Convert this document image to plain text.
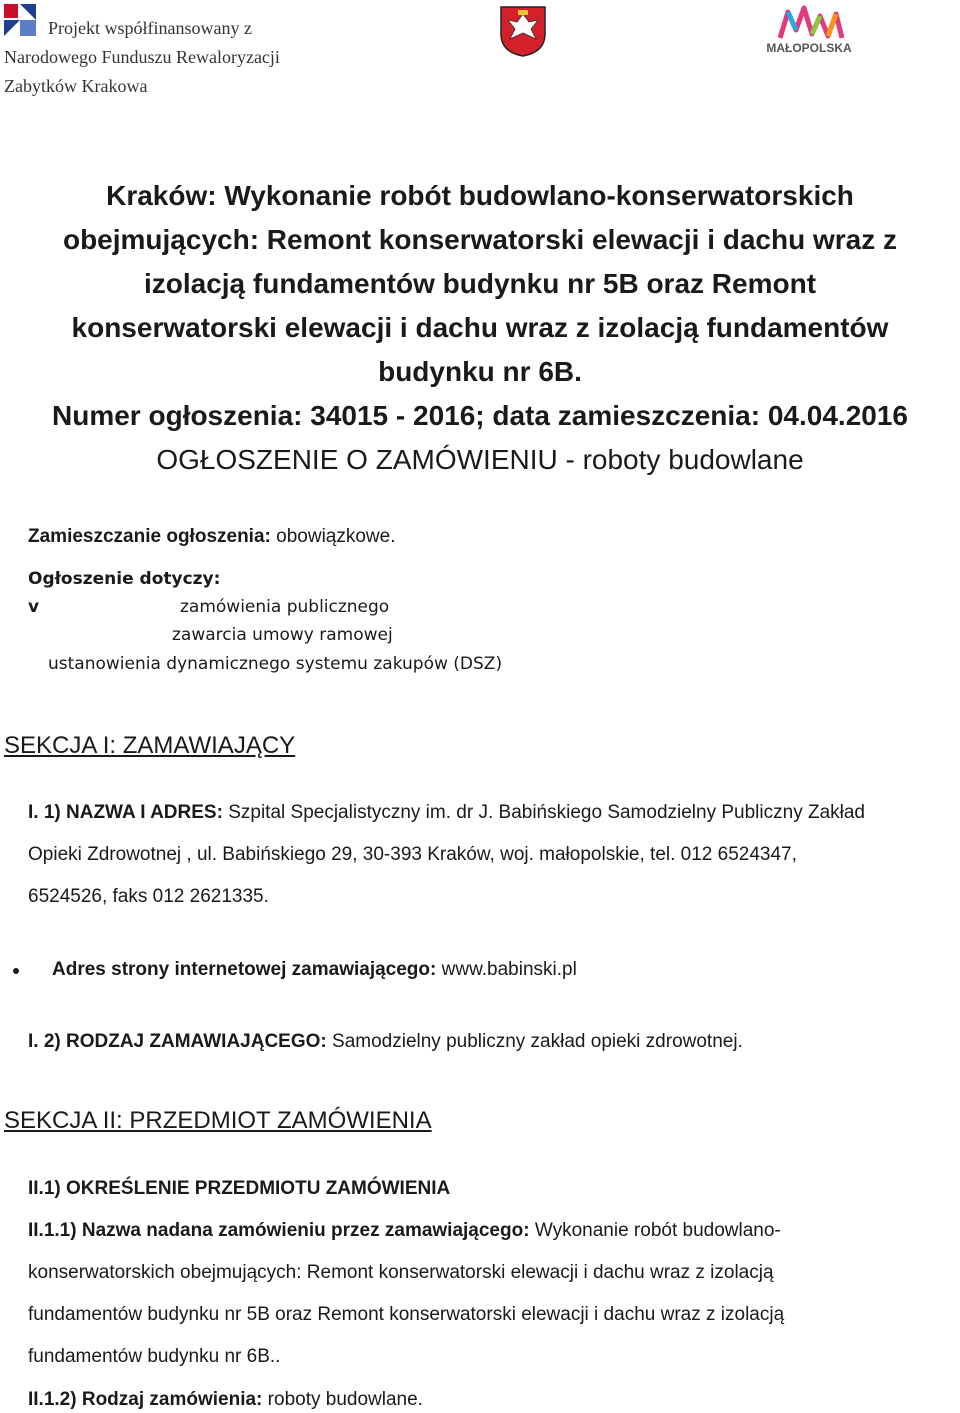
Projekt współfinansowany z
Narodowego Funduszu Rewaloryzacji
Zabytków Krakowa
MAŁOPOLSKA
Kraków: Wykonanie robót budowlano-konserwatorskich
obejmujących: Remont konserwatorski elewacji i dachu wraz z
izolacją fundamentów budynku nr 5B oraz Remont
konserwatorski elewacji i dachu wraz z izolacją fundamentów
budynku nr 6B.
Numer ogłoszenia: 34015 - 2016; data zamieszczenia: 04.04.2016
OGŁOSZENIE O ZAMÓWIENIU - roboty budowlane
Zamieszczanie ogłoszenia: obowiązkowe.
Ogłoszenie dotyczy:
v	zamówienia publicznego
zawarcia umowy ramowej
ustanowienia dynamicznego systemu zakupów (DSZ)
SEKCJA I: ZAMAWIAJĄCY
I. 1) NAZWA I ADRES: Szpital Specjalistyczny im. dr J. Babińskiego Samodzielny Publiczny Zakład
Opieki Zdrowotnej , ul. Babińskiego 29, 30-393 Kraków, woj. małopolskie, tel. 012 6524347,
6524526, faks 012 2621335.
Adres strony internetowej zamawiającego: www.babinski.pl
I. 2) RODZAJ ZAMAWIAJĄCEGO: Samodzielny publiczny zakład opieki zdrowotnej.
SEKCJA II: PRZEDMIOT ZAMÓWIENIA
II.1) OKREŚLENIE PRZEDMIOTU ZAMÓWIENIA
II.1.1) Nazwa nadana zamówieniu przez zamawiającego: Wykonanie robót budowlano-
konserwatorskich obejmujących: Remont konserwatorski elewacji i dachu wraz z izolacją
fundamentów budynku nr 5B oraz Remont konserwatorski elewacji i dachu wraz z izolacją
fundamentów budynku nr 6B..
II.1.2) Rodzaj zamówienia: roboty budowlane.
